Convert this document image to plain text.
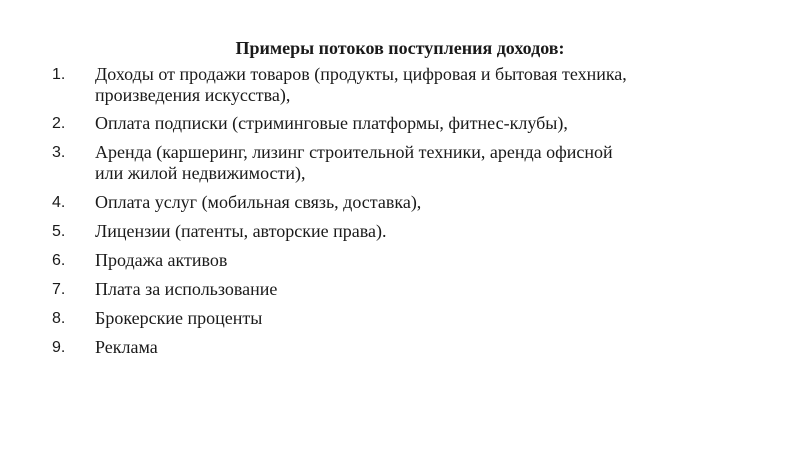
Примеры потоков поступления доходов:
1. Доходы от продажи товаров (продукты, цифровая и бытовая техника,
произведения искусства),
2. Оплата подписки (стриминговые платформы, фитнес-клубы),
3. Аренда (каршеринг, лизинг строительной техники, аренда офисной
или жилой недвижимости),
4. Оплата услуг (мобильная связь, доставка),
5. Лицензии (патенты, авторские права).
6. Продажа активов
7. Плата за использование
8. Брокерские проценты
9. Реклама
